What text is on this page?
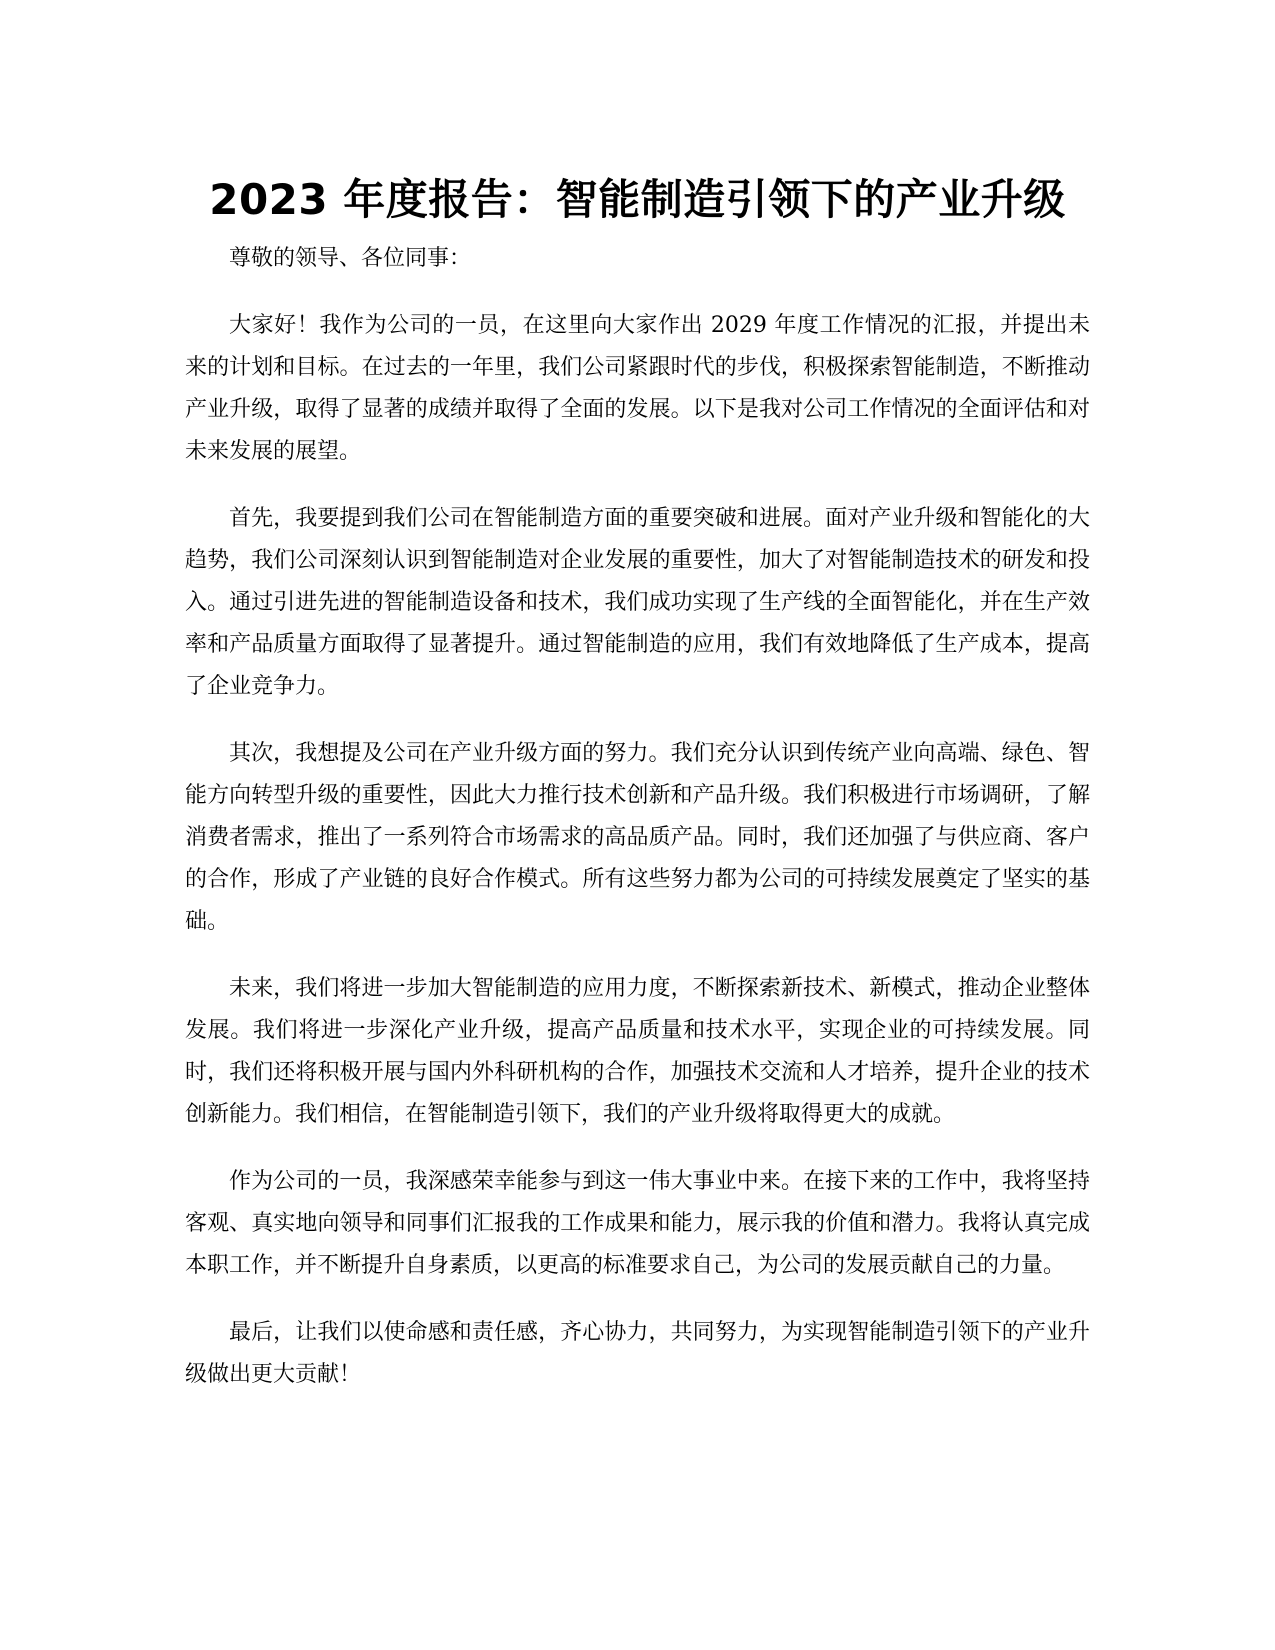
2023 年度报告：智能制造引领下的产业升级

尊敬的领导、各位同事：

大家好！我作为公司的一员，在这里向大家作出 2029 年度工作情况的汇报，并提出未来的计划和目标。在过去的一年里，我们公司紧跟时代的步伐，积极探索智能制造，不断推动产业升级，取得了显著的成绩并取得了全面的发展。以下是我对公司工作情况的全面评估和对未来发展的展望。

首先，我要提到我们公司在智能制造方面的重要突破和进展。面对产业升级和智能化的大趋势，我们公司深刻认识到智能制造对企业发展的重要性，加大了对智能制造技术的研发和投入。通过引进先进的智能制造设备和技术，我们成功实现了生产线的全面智能化，并在生产效率和产品质量方面取得了显著提升。通过智能制造的应用，我们有效地降低了生产成本，提高了企业竞争力。

其次，我想提及公司在产业升级方面的努力。我们充分认识到传统产业向高端、绿色、智能方向转型升级的重要性，因此大力推行技术创新和产品升级。我们积极进行市场调研，了解消费者需求，推出了一系列符合市场需求的高品质产品。同时，我们还加强了与供应商、客户的合作，形成了产业链的良好合作模式。所有这些努力都为公司的可持续发展奠定了坚实的基础。

未来，我们将进一步加大智能制造的应用力度，不断探索新技术、新模式，推动企业整体发展。我们将进一步深化产业升级，提高产品质量和技术水平，实现企业的可持续发展。同时，我们还将积极开展与国内外科研机构的合作，加强技术交流和人才培养，提升企业的技术创新能力。我们相信，在智能制造引领下，我们的产业升级将取得更大的成就。

作为公司的一员，我深感荣幸能参与到这一伟大事业中来。在接下来的工作中，我将坚持客观、真实地向领导和同事们汇报我的工作成果和能力，展示我的价值和潜力。我将认真完成本职工作，并不断提升自身素质，以更高的标准要求自己，为公司的发展贡献自己的力量。

最后，让我们以使命感和责任感，齐心协力，共同努力，为实现智能制造引领下的产业升级做出更大贡献！
